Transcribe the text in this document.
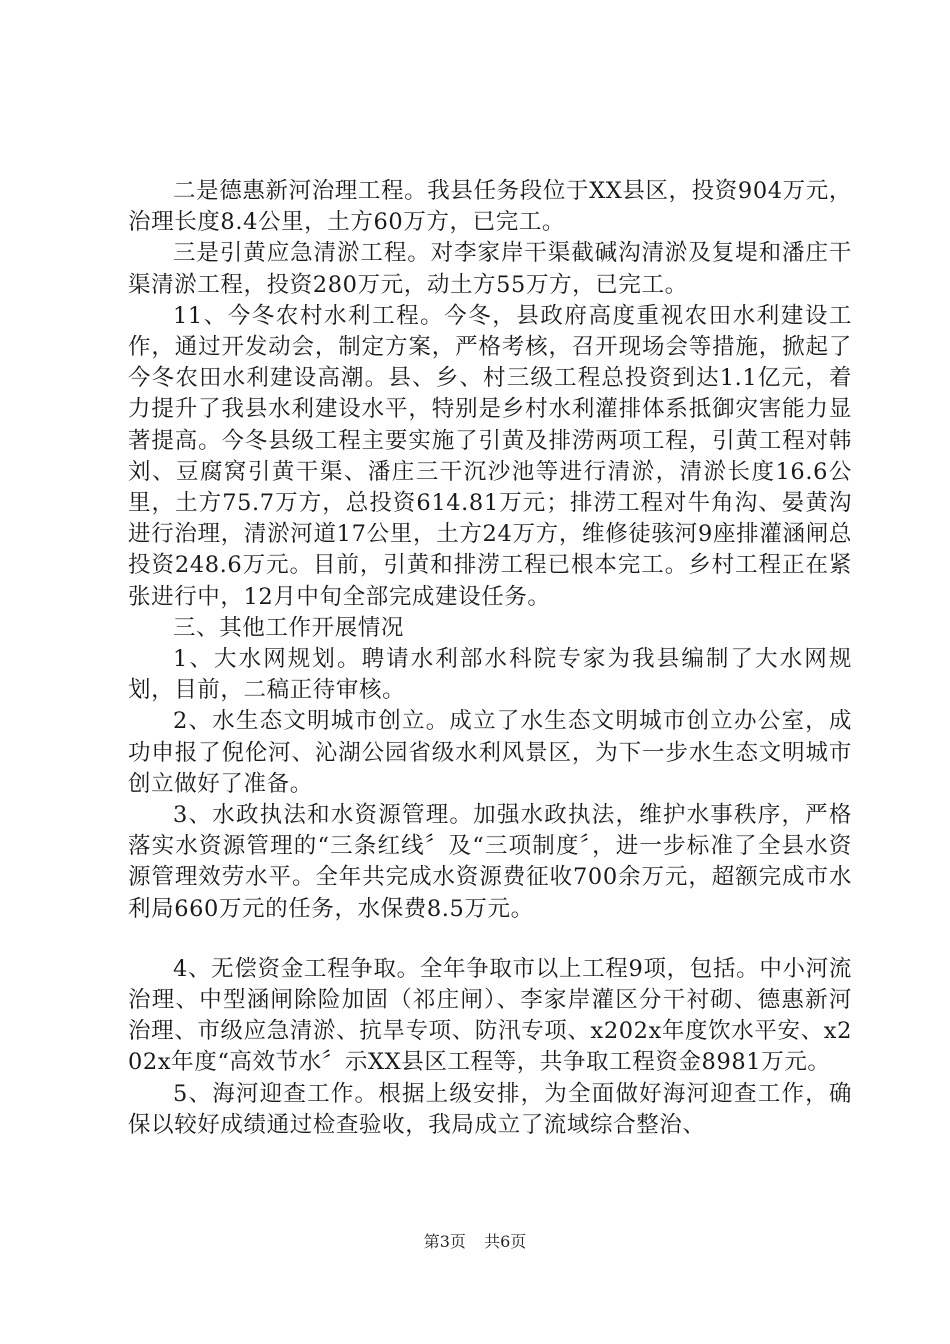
二是德惠新河治理工程。我县任务段位于XX县区，投资904万元，治理长度8.4公里，土方60万方，已完工。

三是引黄应急清淤工程。对李家岸干渠截碱沟清淤及复堤和潘庄干渠清淤工程，投资280万元，动土方55万方，已完工。

11、今冬农村水利工程。今冬，县政府高度重视农田水利建设工作，通过开发动会，制定方案，严格考核，召开现场会等措施，掀起了今冬农田水利建设高潮。县、乡、村三级工程总投资到达1.1亿元，着力提升了我县水利建设水平，特别是乡村水利灌排体系抵御灾害能力显著提高。今冬县级工程主要实施了引黄及排涝两项工程，引黄工程对韩刘、豆腐窝引黄干渠、潘庄三干沉沙池等进行清淤，清淤长度16.6公里，土方75.7万方，总投资614.81万元；排涝工程对牛角沟、晏黄沟进行治理，清淤河道17公里，土方24万方，维修徒骇河9座排灌涵闸总投资248.6万元。目前，引黄和排涝工程已根本完工。乡村工程正在紧张进行中，12月中旬全部完成建设任务。

三、其他工作开展情况

1、大水网规划。聘请水利部水科院专家为我县编制了大水网规划，目前，二稿正待审核。

2、水生态文明城市创立。成立了水生态文明城市创立办公室，成功申报了倪伦河、沁湖公园省级水利风景区，为下一步水生态文明城市创立做好了准备。

3、水政执法和水资源管理。加强水政执法，维护水事秩序，严格落实水资源管理的“三条红线〞及“三项制度〞，进一步标准了全县水资源管理效劳水平。全年共完成水资源费征收700余万元，超额完成市水利局660万元的任务，水保费8.5万元。

4、无偿资金工程争取。全年争取市以上工程9项，包括。中小河流治理、中型涵闸除险加固（祁庄闸）、李家岸灌区分干衬砌、德惠新河治理、市级应急清淤、抗旱专项、防汛专项、x202x年度饮水平安、x202x年度“高效节水〞示XX县区工程等，共争取工程资金8981万元。

5、海河迎查工作。根据上级安排，为全面做好海河迎查工作，确保以较好成绩通过检查验收，我局成立了流域综合整治、

第3页 共6页
